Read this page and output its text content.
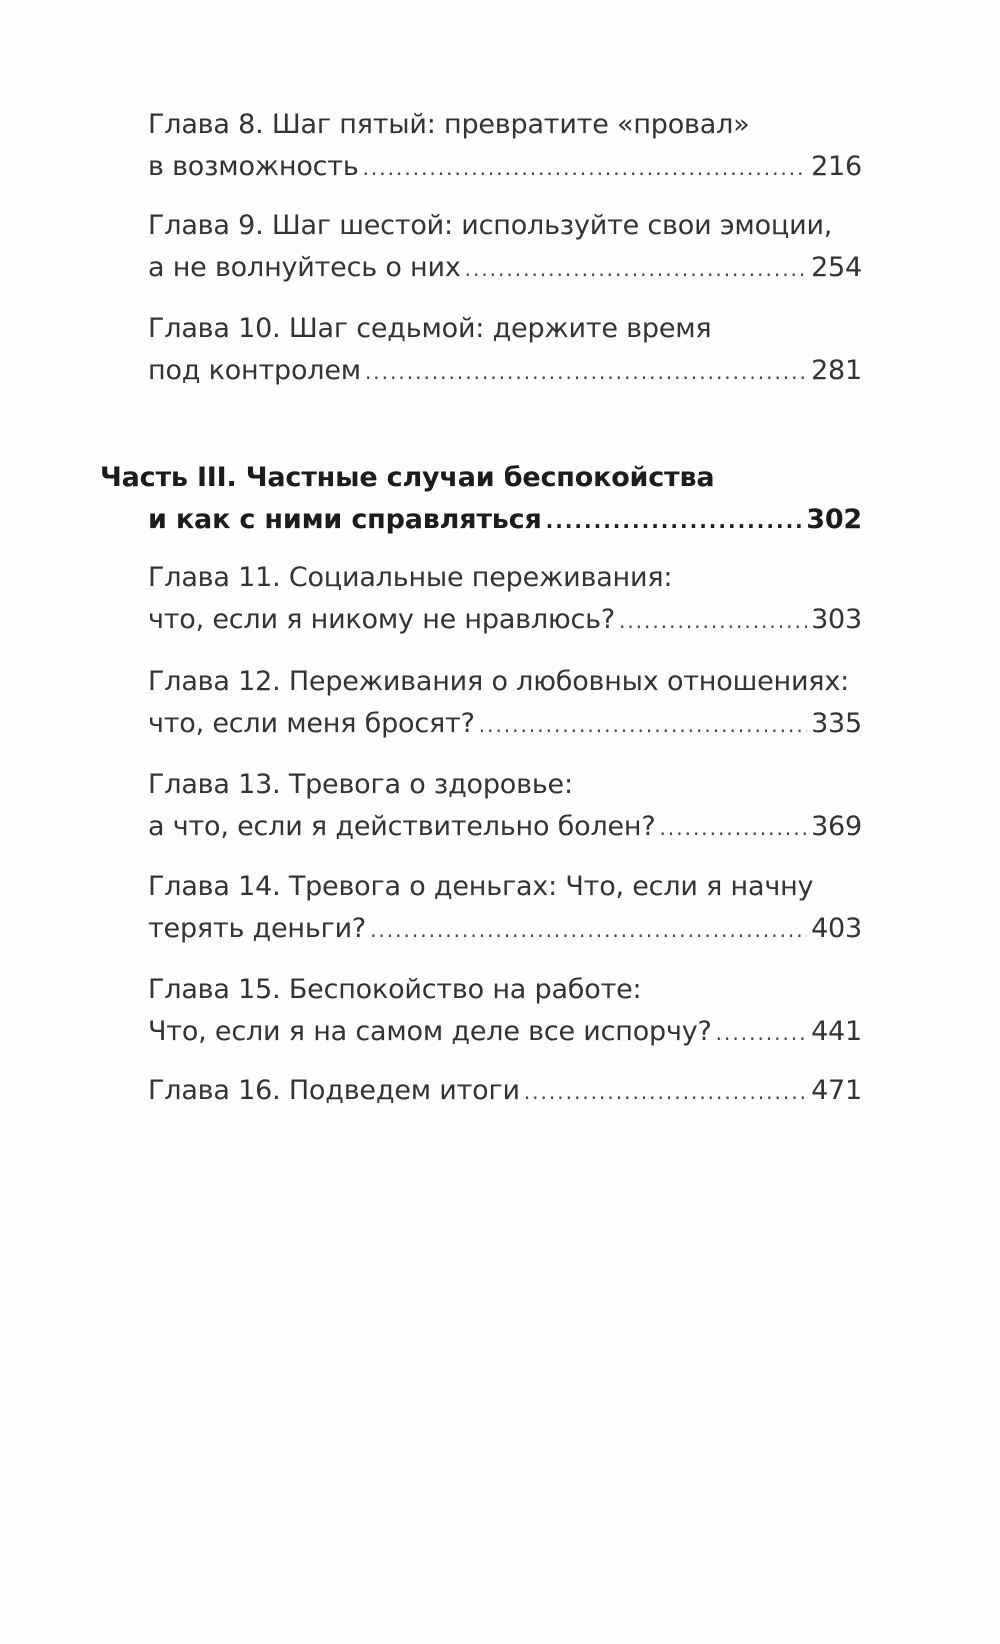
Глава 8. Шаг пятый: превратите «провал»
в возможность .....	216
Глава 9. Шаг шестой: используйте свои эмоции,
а не волнуйтесь о них .....	254
Глава 10. Шаг седьмой: держите время
под контролем .....	281
Часть III. Частные случаи беспокойства
и как с ними справляться .....	302
Глава 11. Социальные переживания:
что, если я никому не нравлюсь? .....	303
Глава 12. Переживания о любовных отношениях:
что, если меня бросят? .....	335
Глава 13. Тревога о здоровье:
а что, если я действительно болен? .....	369
Глава 14. Тревога о деньгах: Что, если я начну
терять деньги? .....	403
Глава 15. Беспокойство на работе:
Что, если я на самом деле все испорчу? .....	441
Глава 16. Подведем итоги .....	471
